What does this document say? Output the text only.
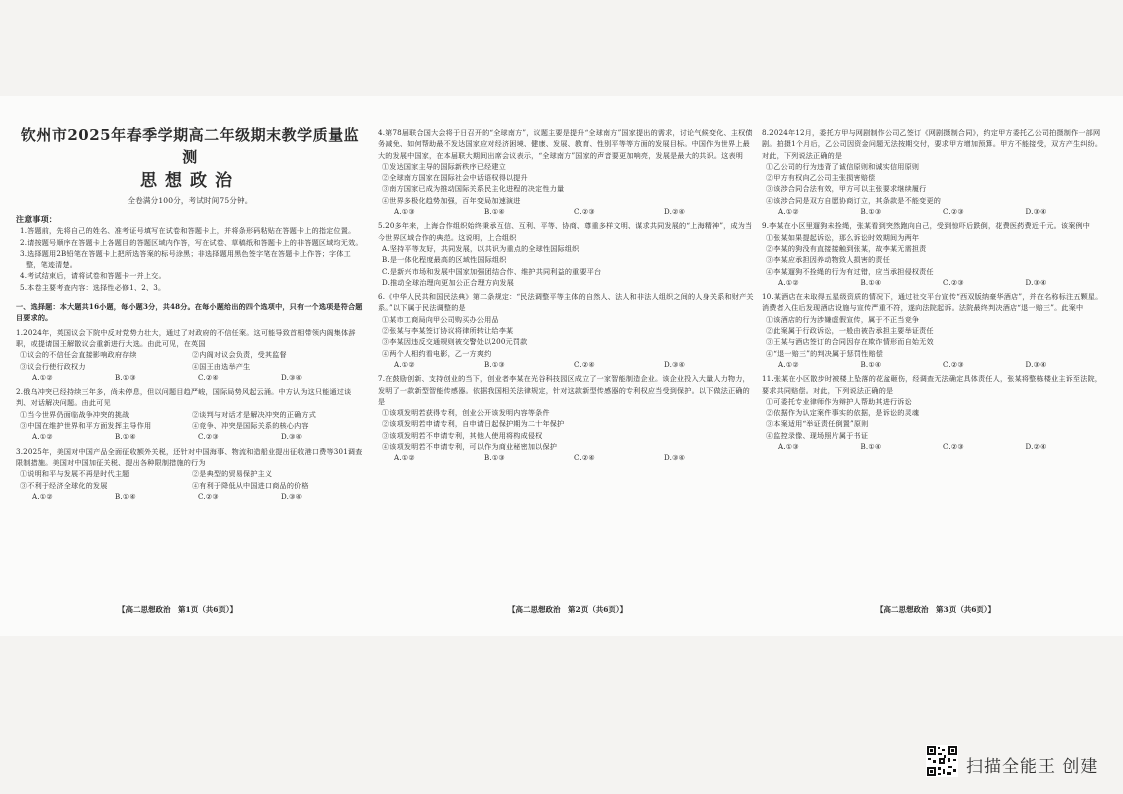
钦州市2025年春季学期高二年级期末教学质量监测
思想政治
全卷满分100分，考试时间75分钟。
注意事项：
1.答题前，先将自己的姓名、准考证号填写在试卷和答题卡上，并将条形码粘贴在答题卡上的指定位置。
2.请按题号顺序在答题卡上各题目的答题区域内作答，写在试卷、草稿纸和答题卡上的非答题区域均无效。
3.选择题用2B铅笔在答题卡上把所选答案的标号涂黑；非选择题用黑色签字笔在答题卡上作答；字体工整，笔迹清楚。
4.考试结束后，请将试卷和答题卡一并上交。
5.本卷主要考查内容：选择性必修1、2、3。
一、选择题：本大题共16小题，每小题3分，共48分。在每小题给出的四个选项中，只有一个选项是符合题目要求的。
1.2024年，英国议会下院中反对党势力壮大，通过了对政府的不信任案。这可能导致首相带领内阁集体辞职，或提请国王解散议会重新进行大选。由此可见，在英国
①议会的不信任会直接影响政府存续	②内阁对议会负责，受其监督
③议会行使行政权力	④国王由选举产生
A.①②	B.①③	C.②④	D.③④
2.俄乌冲突已经持续三年多，尚未停息，但以问题目趋严峻，国际局势风起云涌。中方认为这只能通过谈判、对话解决问题。由此可见
①当今世界仍面临战争冲突的挑战	②谈判与对话才是解决冲突的正确方式
③中国在维护世界和平方面发挥主导作用	④竞争、冲突是国际关系的核心内容
A.①②	B.①④	C.②③	D.③④
3.2025年，美国对中国产品全面征收额外关税，还针对中国海事、物流和造船业提出征收港口费等301调查限制措施。美国对中国加征关税、提出各种限制措施的行为
①说明和平与发展不再是时代主题	②是典型的贸易保护主义
③不利于经济全球化的发展	④有利于降低从中国进口商品的价格
A.①②	B.①④	C.②③	D.③④
4.第78届联合国大会将于日召开的“全球南方”，议题主要是提升“全球南方”国家提出的需求，讨论气候变化、主权债务减免、如何帮助最不发达国家应对经济困境、健康、发展、教育、性别平等等方面的发展目标。中国作为世界上最大的发展中国家，在本届联大期间出席会议表示，“全球南方”国家的声音要更加响亮，发展是最大的共识。这表明
①发达国家主导的国际新秩序已经建立
②全球南方国家在国际社会中话语权得以提升
③南方国家已成为推动国际关系民主化进程的决定性力量
④世界多极化趋势加强，百年变局加速演进
A.①③	B.①④	C.②③	D.②④
5.20多年来，上海合作组织始终秉承互信、互利、平等、协商、尊重多样文明、谋求共同发展的“上海精神”，成为当今世界区域合作的典范。这说明，上合组织
A.坚持平等友好，共同发展，以共识为重点的全球性国际组织
B.是一体化程度最高的区域性国际组织
C.是新兴市场和发展中国家加强团结合作、维护共同利益的重要平台
D.推动全球治理向更加公正合理方向发展
6.《中华人民共和国民法典》第二条规定：“民法调整平等主体的自然人、法人和非法人组织之间的人身关系和财产关系。”以下属于民法调整的是
①某市工商局向甲公司购买办公用品
②张某与李某签订协议将律所转让给李某
③李某因违反交通规则被交警处以200元罚款
④两个人相约看电影，乙一方爽约
A.①②	B.①③	C.②④	D.③④
7.在鼓励创新、支持创业的当下，创业者李某在光谷科技园区成立了一家智能制造企业。该企业投入大量人力物力，发明了一款新型智能传感器。依据我国相关法律规定，针对这款新型传感器的专利权应当受到保护。以下做法正确的是
①该项发明若获得专利，创业公开该发明内容等条件
②该项发明若申请专利，自申请日起保护期为二十年保护
③该项发明若不申请专利，其他人使用将构成侵权
④该项发明若不申请专利，可以作为商业秘密加以保护
A.①②	B.①③	C.②④	D.③④
8.2024年12月，委托方甲与网剧制作公司乙签订《网剧摄制合同》，约定甲方委托乙公司拍摄制作一部网剧。拍摄1个月后，乙公司因资金问题无法按期交付，要求甲方增加预算。甲方不能接受，双方产生纠纷。对此，下列说法正确的是
①乙公司的行为违背了诚信原则和诚实信用原则
②甲方有权向乙公司主张损害赔偿
③该涉合同合法有效，甲方可以主张要求继续履行
④该涉合同是双方自愿协商订立，其条款是不能变更的
A.①②	B.①③	C.②③	D.③④
9.李某在小区里遛狗未拴绳，张某看到突然跑向自己，受到惊吓后跌倒，花费医药费近千元。该案例中
①张某如果提起诉讼，那么诉讼时效期间为两年
②李某的狗没有直接接触到张某，故李某无需担责
③李某应承担因养动物致人损害的责任
④李某遛狗不拴绳的行为有过错，应当承担侵权责任
A.①②	B.①④	C.②③	D.③④
10.某酒店在未取得五星级资质的情况下，通过社交平台宣传“西双版纳豪华酒店”，并在名称标注五颗星。消费者入住后发现酒店设施与宣传严重不符，遂向法院起诉。法院最终判决酒店“退一赔三”。此案中
①该酒店的行为涉嫌虚假宣传，属于不正当竞争
②此案属于行政诉讼，一般由被告承担主要举证责任
③王某与酒店签订的合同因存在欺诈情形而自始无效
④“退一赔三”的判决属于惩罚性赔偿
A.①②	B.①④	C.②③	D.③④
11.张某在小区散步时被楼上坠落的花盆砸伤，经调查无法确定具体责任人，张某将整栋楼业主诉至法院，要求共同赔偿。对此，下列说法正确的是
①可委托专业律师作为辩护人帮助其进行诉讼
②依据作为认定案件事实的依据，是诉讼的灵魂
③本案适用“举证责任倒置”原则
④监控录像、现场照片属于书证
A.①③	B.①④	C.②③	D.②④
【高二思想政治　第1页（共6页）】	【高二思想政治　第2页（共6页）】	【高二思想政治　第3页（共6页）】
扫描全能王 创建
